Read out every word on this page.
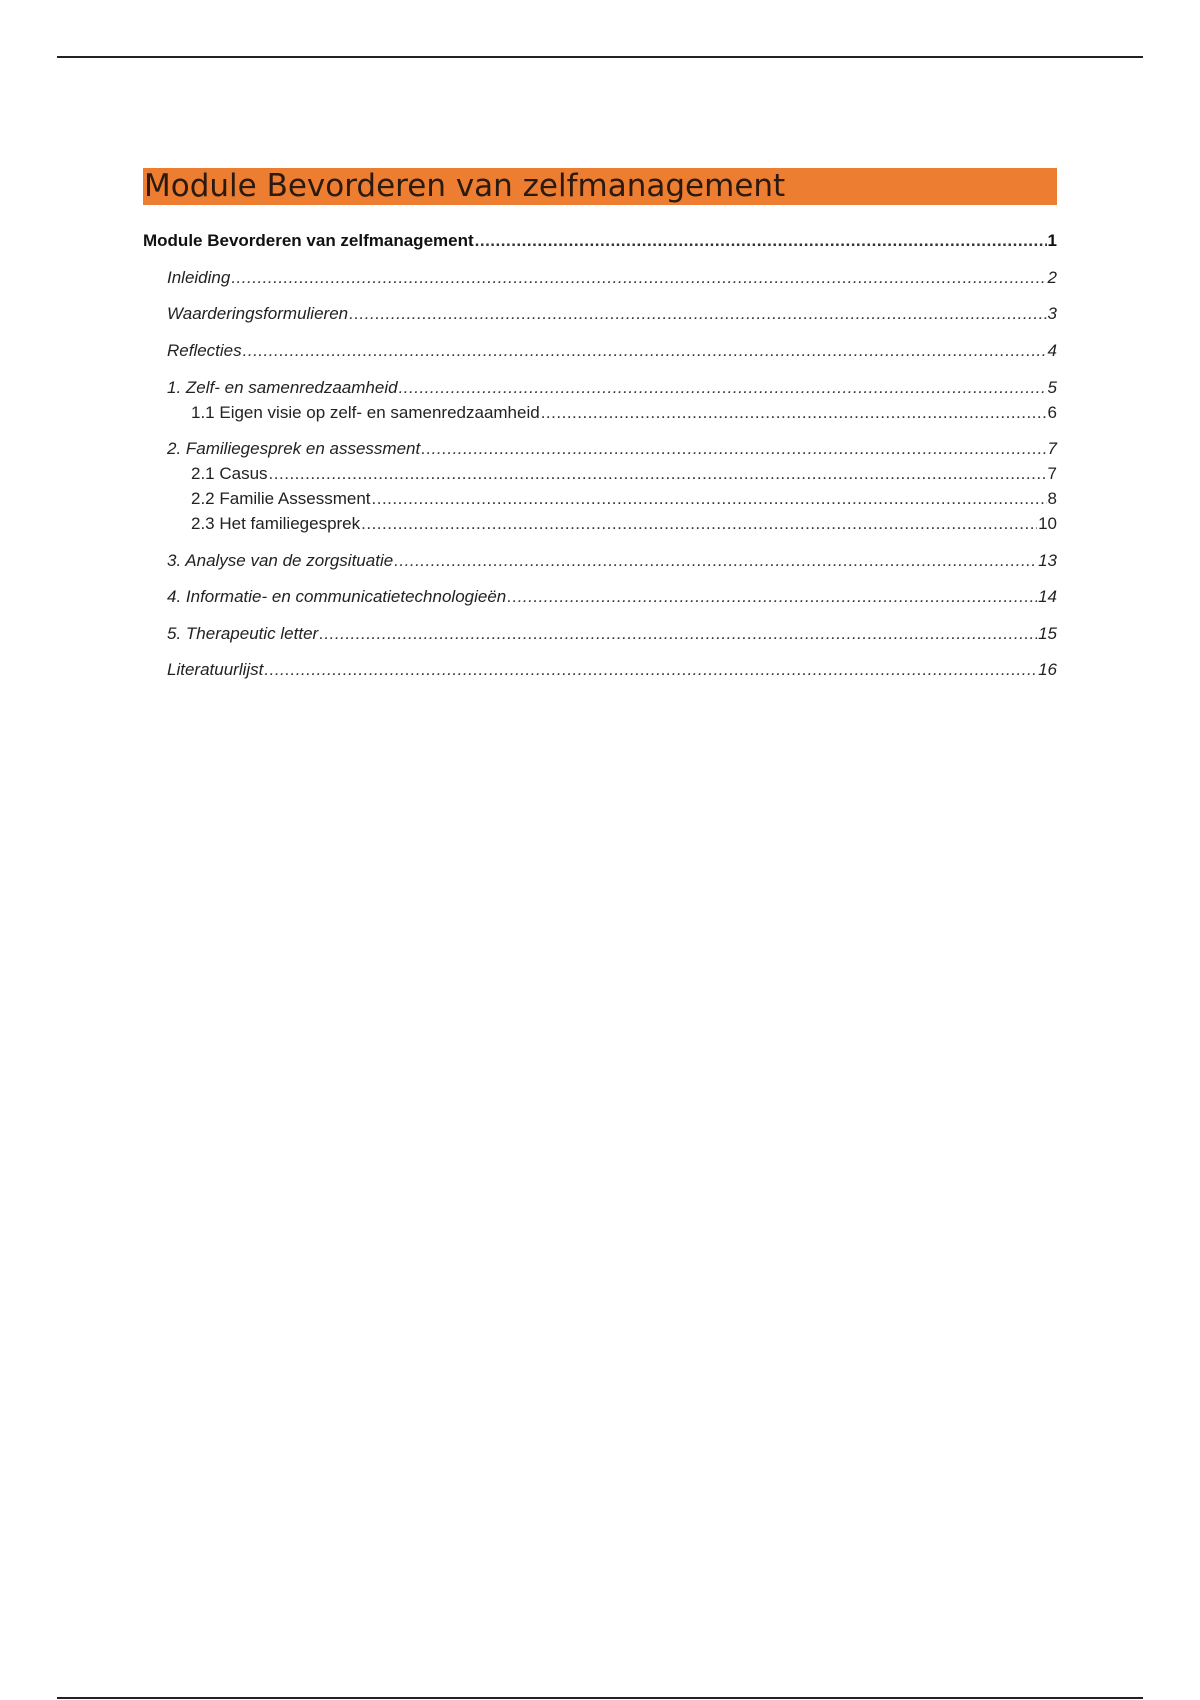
Module Bevorderen van zelfmanagement
Module Bevorderen van zelfmanagement .....	1
Inleiding .....	2
Waarderingsformulieren .....	3
Reflecties .....	4
1. Zelf- en samenredzaamheid .....	5
1.1 Eigen visie op zelf- en samenredzaamheid .....	6
2. Familiegesprek en assessment .....	7
2.1 Casus .....	7
2.2 Familie Assessment .....	8
2.3 Het familiegesprek .....	10
3. Analyse van de zorgsituatie .....	13
4. Informatie- en communicatietechnologieën .....	14
5. Therapeutic letter .....	15
Literatuurlijst .....	16
